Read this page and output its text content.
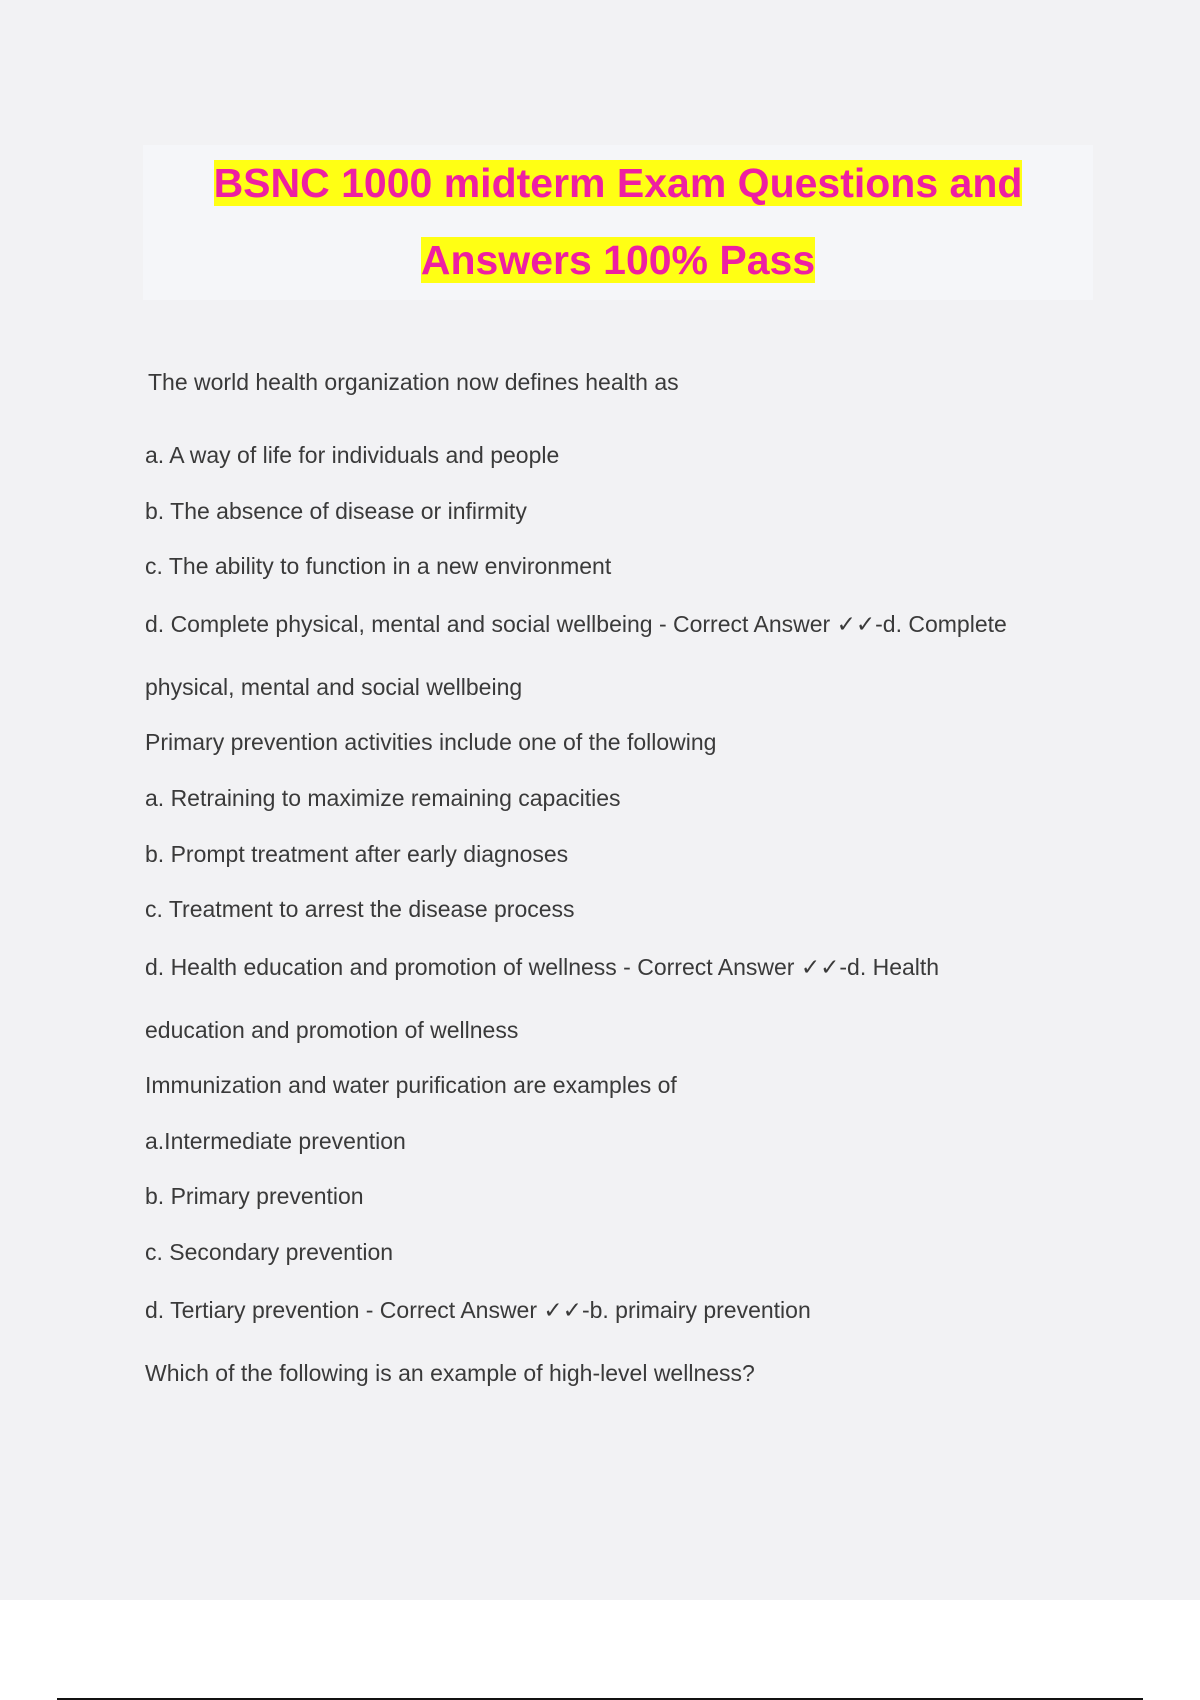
BSNC 1000 midterm Exam Questions and
Answers 100% Pass
The world health organization now defines health as
a. A way of life for individuals and people
b. The absence of disease or infirmity
c. The ability to function in a new environment
d. Complete physical, mental and social wellbeing - Correct Answer ✓✓-d. Complete
physical, mental and social wellbeing
Primary prevention activities include one of the following
a. Retraining to maximize remaining capacities
b. Prompt treatment after early diagnoses
c. Treatment to arrest the disease process
d. Health education and promotion of wellness - Correct Answer ✓✓-d. Health
education and promotion of wellness
Immunization and water purification are examples of
a.Intermediate prevention
b. Primary prevention
c. Secondary prevention
d. Tertiary prevention - Correct Answer ✓✓-b. primairy prevention
Which of the following is an example of high-level wellness?
